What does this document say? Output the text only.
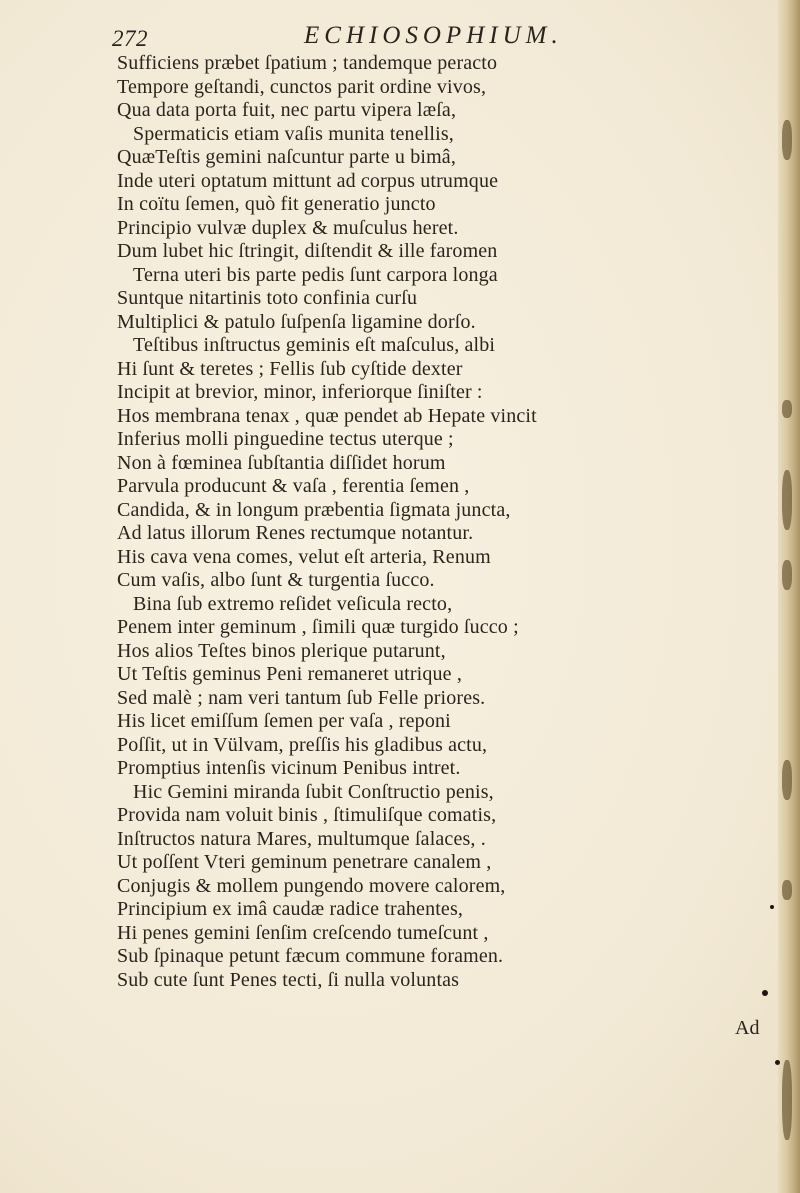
272	ECHIOSOPHIUM.
Sufficiens præbet ſpatium ; tandemque peracto
Tempore geſtandi, cunctos parit ordine vivos,
Qua data porta fuit, nec partu vipera læſa,
Spermaticis etiam vaſis munita tenellis,
QuæTeſtis gemini naſcuntur parte u bimâ,
Inde uteri optatum mittunt ad corpus utrumque
In coïtu ſemen, quò fit generatio juncto
Principio vulvæ duplex & muſculus heret.
Dum lubet hic ſtringit, diſtendit & ille faromen
Terna uteri bis parte pedis ſunt carpora longa
Suntque nitartinis toto confinia curſu
Multiplici & patulo ſuſpenſa ligamine dorſo.
Teſtibus inſtructus geminis eſt maſculus, albi
Hi ſunt & teretes ; Fellis ſub cyſtide dexter
Incipit at brevior, minor, inferiorque ſiniſter :
Hos membrana tenax , quæ pendet ab Hepate vincit
Inferius molli pinguedine tectus uterque ;
Non à fœminea ſubſtantia diſſidet horum
Parvula producunt & vaſa , ferentia ſemen ,
Candida, & in longum præbentia ſigmata juncta,
Ad latus illorum Renes rectumque notantur.
His cava vena comes, velut eſt arteria, Renum
Cum vaſis, albo ſunt & turgentia ſucco.
Bina ſub extremo reſidet veſicula recto,
Penem inter geminum , ſimili quæ turgido ſucco ;
Hos alios Teſtes binos plerique putarunt,
Ut Teſtis geminus Peni remaneret utrique ,
Sed malè ; nam veri tantum ſub Felle priores.
His licet emiſſum ſemen per vaſa , reponi
Poſſit, ut in Vülvam, preſſis his gladibus actu,
Promptius intenſis vicinum Penibus intret.
Hic Gemini miranda ſubit Conſtructio penis,
Provida nam voluit binis , ſtimuliſque comatis,
Inſtructos natura Mares, multumque ſalaces, .
Ut poſſent Vteri geminum penetrare canalem ,
Conjugis & mollem pungendo movere calorem,
Principium ex imâ caudæ radice trahentes,
Hi penes gemini ſenſim creſcendo tumeſcunt ,
Sub ſpinaque petunt fæcum commune foramen.
Sub cute ſunt Penes tecti, ſi nulla voluntas
Ad
